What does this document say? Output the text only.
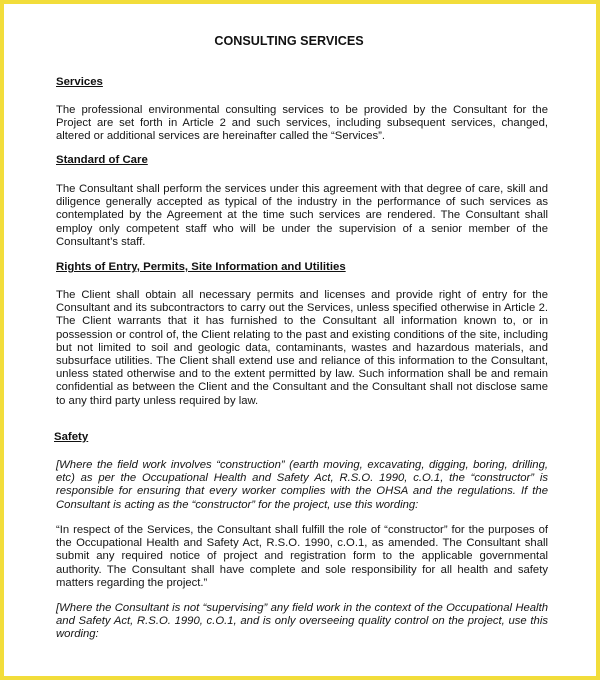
CONSULTING SERVICES
Services

The professional environmental consulting services to be provided by the Consultant for the Project are set forth in Article 2 and such services, including subsequent services, changed, altered or additional services are hereinafter called the “Services”.

Standard of Care

The Consultant shall perform the services under this agreement with that degree of care, skill and diligence generally accepted as typical of the industry in the performance of such services as contemplated by the Agreement at the time such services are rendered. The Consultant shall employ only competent staff who will be under the supervision of a senior member of the Consultant’s staff.

Rights of Entry, Permits, Site Information and Utilities

The Client shall obtain all necessary permits and licenses and provide right of entry for the Consultant and its subcontractors to carry out the Services, unless specified otherwise in Article 2. The Client warrants that it has furnished to the Consultant all information known to, or in possession or control of, the Client relating to the past and existing conditions of the site, including but not limited to soil and geologic data, contaminants, wastes and hazardous materials, and subsurface utilities. The Client shall extend use and reliance of this information to the Consultant, unless stated otherwise and to the extent permitted by law. Such information shall be and remain confidential as between the Client and the Consultant and the Consultant shall not disclose same to any third party unless required by law.

Safety

[Where the field work involves “construction” (earth moving, excavating, digging, boring, drilling, etc) as per the Occupational Health and Safety Act, R.S.O. 1990, c.O.1, the “constructor” is responsible for ensuring that every worker complies with the OHSA and the regulations. If the Consultant is acting as the “constructor” for the project, use this wording:

“In respect of the Services, the Consultant shall fulfill the role of “constructor” for the purposes of the Occupational Health and Safety Act, R.S.O. 1990, c.O.1, as amended. The Consultant shall submit any required notice of project and registration form to the applicable governmental authority. The Consultant shall have complete and sole responsibility for all health and safety matters regarding the project.”

[Where the Consultant is not “supervising” any field work in the context of the Occupational Health and Safety Act, R.S.O. 1990, c.O.1, and is only overseeing quality control on the project, use this wording:
